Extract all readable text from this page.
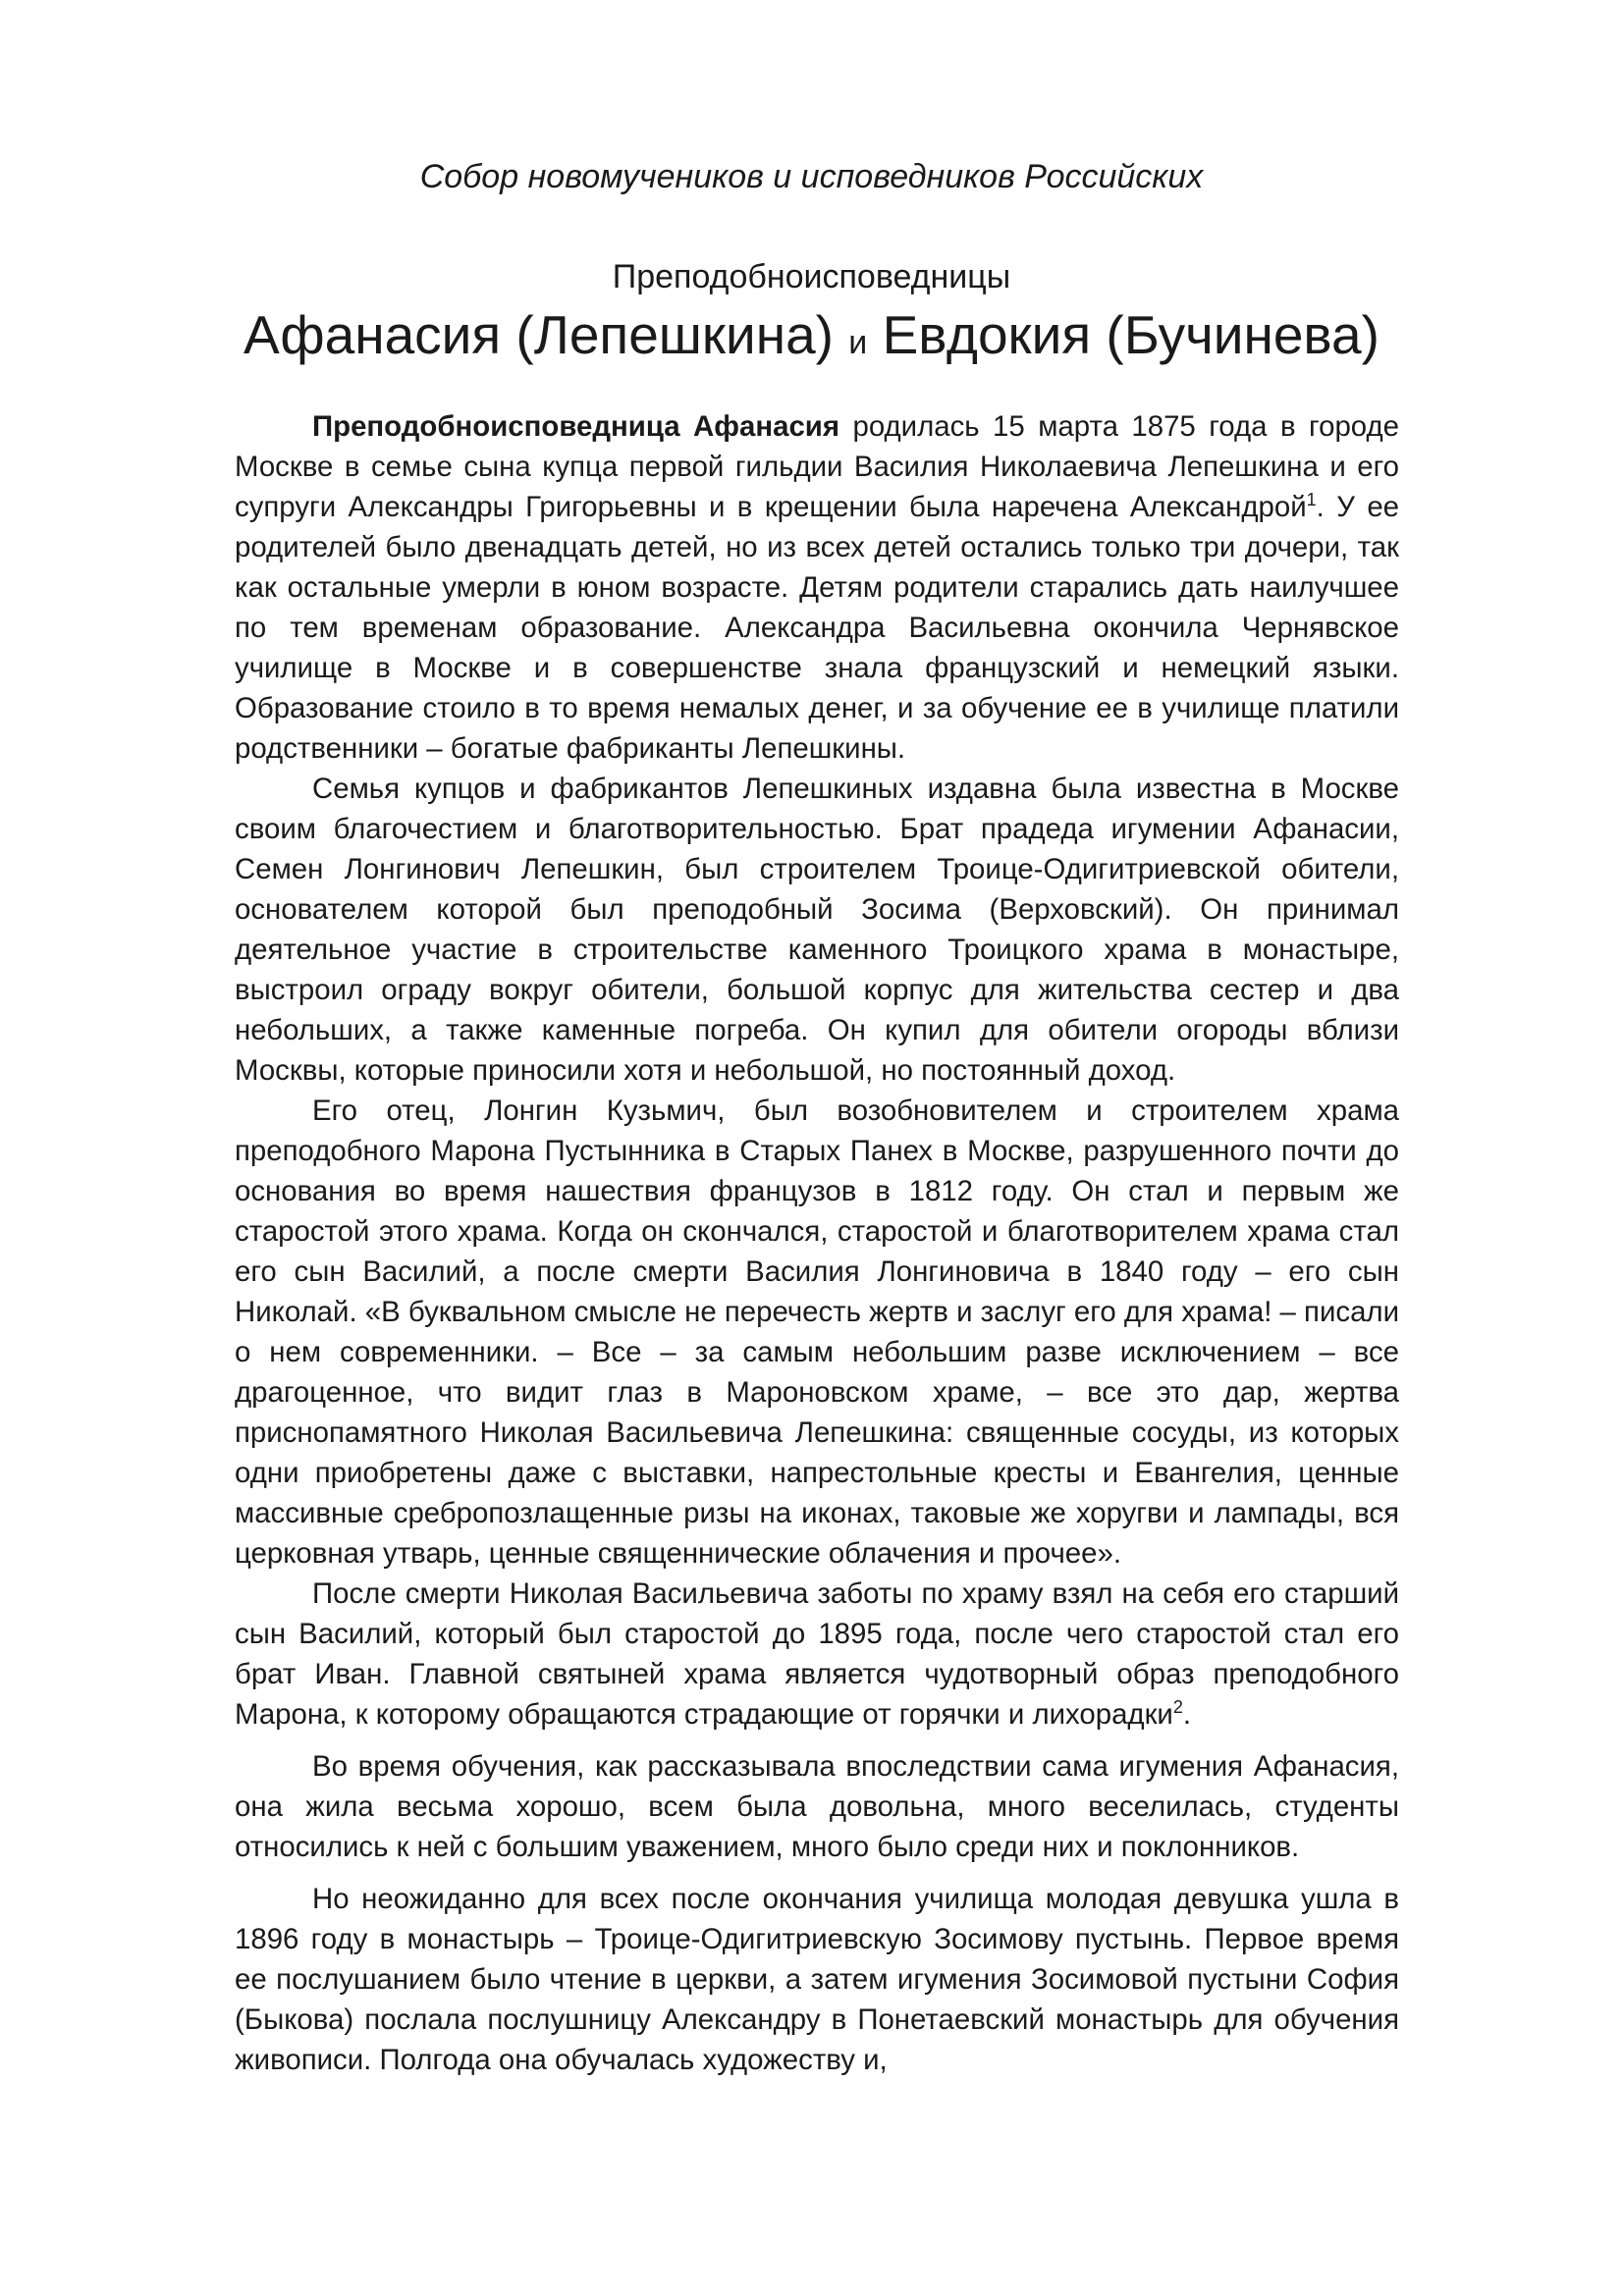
Собор новомучеников и исповедников Российских
Преподобноисповедницы
Афанасия (Лепешкина) и Евдокия (Бучинева)

Преподобноисповедница Афанасия родилась 15 марта 1875 года в городе Москве в семье сына купца первой гильдии Василия Николаевича Лепешкина и его супруги Александры Григорьевны и в крещении была наречена Александрой$^1$. У ее родителей было двенадцать детей, но из всех детей остались только три дочери, так как остальные умерли в юном возрасте. Детям родители старались дать наилучшее по тем временам образование. Александра Васильевна окончила Чернявское училище в Москве и в совершенстве знала французский и немецкий языки. Образование стоило в то время немалых денег, и за обучение ее в училище платили родственники – богатые фабриканты Лепешкины.

Семья купцов и фабрикантов Лепешкиных издавна была известна в Москве своим благочестием и благотворительностью. Брат прадеда игумении Афанасии, Семен Лонгинович Лепешкин, был строителем Троице-Одигитриевской обители, основателем которой был преподобный Зосима (Верховский). Он принимал деятельное участие в строительстве каменного Троицкого храма в монастыре, выстроил ограду вокруг обители, большой корпус для жительства сестер и два небольших, а также каменные погреба. Он купил для обители огороды вблизи Москвы, которые приносили хотя и небольшой, но постоянный доход.

Его отец, Лонгин Кузьмич, был возобновителем и строителем храма преподобного Марона Пустынника в Старых Панех в Москве, разрушенного почти до основания во время нашествия французов в 1812 году. Он стал и первым же старостой этого храма. Когда он скончался, старостой и благотворителем храма стал его сын Василий, а после смерти Василия Лонгиновича в 1840 году – его сын Николай. «В буквальном смысле не перечесть жертв и заслуг его для храма! – писали о нем современники. – Все – за самым небольшим разве исключением – все драгоценное, что видит глаз в Мароновском храме, – все это дар, жертва приснопамятного Николая Васильевича Лепешкина: священные сосуды, из которых одни приобретены даже с выставки, напрестольные кресты и Евангелия, ценные массивные сребропозлащенные ризы на иконах, таковые же хоругви и лампады, вся церковная утварь, ценные священнические облачения и прочее».

После смерти Николая Васильевича заботы по храму взял на себя его старший сын Василий, который был старостой до 1895 года, после чего старостой стал его брат Иван. Главной святыней храма является чудотворный образ преподобного Марона, к которому обращаются страдающие от горячки и лихорадки$^2$.

Во время обучения, как рассказывала впоследствии сама игумения Афанасия, она жила весьма хорошо, всем была довольна, много веселилась, студенты относились к ней с большим уважением, много было среди них и поклонников.

Но неожиданно для всех после окончания училища молодая девушка ушла в 1896 году в монастырь – Троице-Одигитриевскую Зосимову пустынь. Первое время ее послушанием было чтение в церкви, а затем игумения Зосимовой пустыни София (Быкова) послала послушницу Александру в Понетаевский монастырь для обучения живописи. Полгода она обучалась художеству и,
